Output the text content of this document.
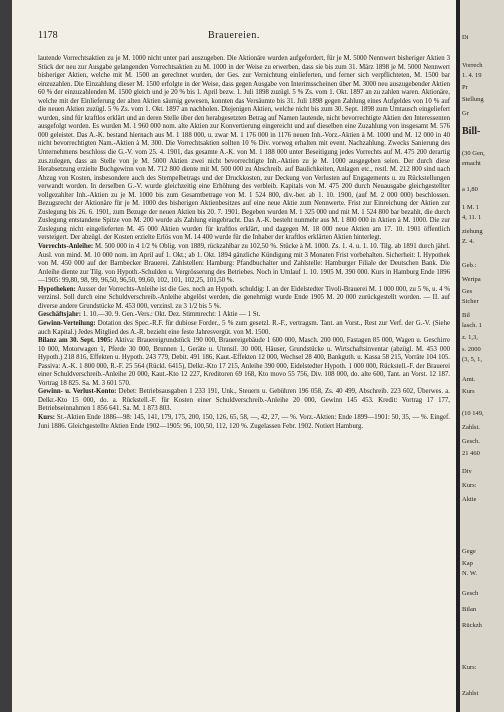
1178	Brauereien.

lautende Vorrechtsaktien zu je M. 1000 nicht unter pari auszugeben. Die Aktionäre wurden aufgefordert, für je M. 5000 Nennwert bisheriger Aktien 3 Stück der neu zur Ausgabe gelangenden Vorrechtsaktien zu M. 1000 in der Weise zu erwerben, dass sie bis zum 31. März 1898 je M. 5000 Nennwert bisheriger Aktien, welche mit M. 1500 an gerechnet wurden, der Ges. zur Vernichtung einlieferten, und ferner sich verpflichteten, M. 1500 bar einzuzahlen. Die Einzahlung dieser M. 1500 erfolgte in der Weise, dass gegen Ausgabe von Interimsscheinen über M. 3000 neu auszugebender Aktien 60 % der einzuzahlenden M. 1500 gleich und je 20 % bis 1. April bezw. 1. Juli 1898 zuzügl. 5 % Zs. vom 1. Okt. 1897 an zu zahlen waren. Aktionäre, welche mit der Einlieferung der alten Aktien säumig gewesen, konnten das Versäumte bis 31. Juli 1898 gegen Zahlung eines Aufgeldes von 10 % auf die neuen Aktien zuzügl. 5 % Zs. vom 1. Okt. 1897 an nachholen. Diejenigen Aktien, welche nicht bis zum 30. Sept. 1898 zum Umtausch eingeliefert wurden, sind für kraftlos erklärt und an deren Stelle über den herabgesetzten Betrag auf Namen lautende, nicht bevorrechtigte Aktien den Interessenten ausgefolgt worden. Es wurden M. 1 960 000 nom. alte Aktien zur Konvertierung eingereicht und auf dieselben eine Zuzahlung von insgesamt M. 576 000 geleistet. Das A.-K. bestand hiernach aus M. 1 188 000, u. zwar M. 1 176 000 in 1176 neuen Inh.-Vorz.-Aktien à M. 1000 und M. 12 000 in 40 nicht bevorrechtigten Nam.-Aktien à M. 300. Die Vorrechtsaktien sollten 10 % Div. vorweg erhalten mit event. Nachzahlung. Zwecks Sanierung des Unternehmens beschloss die G.-V. vom 25. 4. 1901, das gesamte A.-K. von M. 1 188 000 unter Beseitigung jedes Vorrechts auf M. 475 200 derartig zus.zulegen, dass an Stelle von je M. 5000 Aktien zwei nicht bevorrechtigte Inh.-Aktien zu je M. 1000 ausgegeben seien. Der durch diese Herabsetzung erzielte Buchgewinn von M. 712 800 diente mit M. 500 000 zu Abschreib. auf Baulichkeiten, Anlagen etc., restl. M. 212 800 sind nach Abzug von Kosten, insbesondere auch des Stempelbetrags und der Druckkosten, zur Deckung von Verlusten auf Engagements u. zu Rückstellungen verwandt worden. In derselben G.-V. wurde gleichzeitig eine Erhöhung des verbleib. Kapitals von M. 475 200 durch Neuausgabe gleichgestellter vollgezahlter Inh.-Aktien zu je M. 1000 bis zum Gesamtbetrage von M. 1 524 800, div.-ber. ab 1. 10. 1900, (auf M. 2 000 000) beschlossen. Bezugsrecht der Aktionäre für je M. 1000 des bisherigen Aktienbesitzes auf eine neue Aktie zum Nennwerte. Frist zur Einreichung der Aktien zur Zuslegung bis 26. 6. 1901, zum Bezuge der neuen Aktien bis 20. 7. 1901. Begeben wurden M. 1 325 000 und mit M. 1 524 800 bar bezahlt, die durch Zuslegung entstandene Spitze von M. 200 wurde als Zahlung eingebracht. Das A.-K. besteht nunmehr aus M. 1 800 000 in Aktien à M. 1000. Die zur Zuslegung nicht eingelieferten M. 45 000 Aktien wurden für kraftlos erklärt, und dagegen M. 18 000 neue Aktien am 17. 10. 1901 öffentlich versteigert. Der abzügl. der Kosten erzielte Erlös von M. 14 400 wurde für die Inhaber der kraftlos erklärten Aktien hinterlegt.

Vorrechts-Anleihe: M. 500 000 in 4 1/2 % Oblig. von 1889, rückzahlbar zu 102,50 %. Stücke à M. 1000. Zs. 1. 4. u. 1. 10. Tilg. ab 1891 durch jährl. Ausl. von mind. M. 10 000 nom. im April auf 1. Okt.; ab 1. Okt. 1894 gänzliche Kündigung mit 3 Monaten Frist vorbehalten. Sicherheit: I. Hypothek von M. 450 000 auf der Barnbecker Brauerei. Zahlstellen: Hamburg: Pfandbuchalter und Zahlstelle: Hamburger Filiale der Deutschen Bank. Die Anleihe diente zur Tilg. von Hypoth.-Schulden u. Vergrösserung des Betriebes. Noch in Umlauf 1. 10. 1905 M. 390 000. Kurs in Hamburg Ende 1896—1905: 99,80, 98, 99, 96,50, 96,50, 99,60, 102, 101, 102,25, 101,50 %.

Hypotheken: Ausser der Vorrechts-Anleihe ist die Ges. noch an Hypoth. schuldig: I. an der Eidelstedter Tivoli-Brauerei M. 1 000 000, zu 5 %, u. 4 % verzinsl. Soll durch eine Schuldverschreib.-Anleihe abgelöst werden, die genehmigt wurde Ende 1905 M. 20 000 zurückgestellt worden. — II. auf diverse andere Grundstücke M. 453 000, verzinsl. zu 3 1/2 bis 5 %.

Geschäftsjahr: 1. 10.—30. 9. Gen.-Vers.: Okt. Dez. Stimmrecht: 1 Aktie — 1 St.

Gewinn-Verteilung: Dotation des Spec.-R.F. für dubiose Forder., 5 % zum gesetzl. R.-F., vertragsm. Tant. an Vorst., Rest zur Verf. der G.-V. (Siehe auch Kapital.) Jedes Mitglied des A.-R. bezieht eine feste Jahresvergüt. von M. 1500.

Bilanz am 30. Sept. 1905: Aktiva: Brauereigrundstück 190 000, Brauereigebäude 1 600 000, Masch. 200 000, Fastagen 85 000, Wagen u. Geschirre 10 000, Motorwagen 1, Pferde 30 000, Brunnen 1, Geräte u. Utensil. 30 000, Häuser, Grundstücke u. Wirtschaftsinventar (abzügl. M. 453 000 Hypoth.) 218 816, Effekten u. Hypoth. 243 779, Debit. 491 186, Kaut.-Effekten 12 000, Wechsel 28 400, Bankguth. u. Kassa 58 215, Vorräte 104 105. Passiva: A.-K. 1 800 000, R.-F. 25 564 (Rückl. 6415), Delkr.-Kto 17 215, Anleihe 390 000, Eidelstedter Hypoth. 1 000 000, Rückstell.-F. der Brauerei einer Schuldverschreib.-Anleihe 20 000, Kaut.-Kto 12 227, Kreditoren 69 168, Kto movo 55 756, Div. 108 000, do. alte 600, Tant. an Vorst. 12 187. Vortrag 18 825. Sa. M. 3 601 570.

Gewinn- u. Verlust-Konto: Debet: Betriebsausgaben 1 233 191, Unk., Steuern u. Gebühren 196 058, Zs. 40 499, Abschreib. 223 602, Überwes. a. Delkr.-Kto 15 000, do. a. Rückstell.-F. für Kosten einer Schuldverschreib.-Anleihe 20 000, Gewinn 145 453. Kredit: Vortrag 17 177, Betriebseinnahmen 1 856 641. Sa. M. 1 873 803.

Kurs: St.-Aktien Ende 1886—98: 145, 141, 179, 175, 200, 150, 126, 65, 58, —, 42, 27, — %. Vorz.-Aktien: Ende 1899—1901: 50, 35, — %. Eingef. Juni 1886. Gleichgestellte Aktien Ende 1902—1905: 96, 100,50, 112, 120 %. Zugelassen Febr. 1902. Notiert Hamburg.

Di
Vorrech
1. 4. 19
Pr
Stellung
Gr
Bill-
(30 Gen,
emacht
a 1,80
1 M. 1
4, 11. 1
ziehung
Z. 4.
Geb.:
Wertpa
Ges
Sicher
Bil
lasch. 1
z. 1,3,
s. 2000
(3, 5, 1,
Amt.
Kurs
(10 149,
Zahlst.
Gesch.
21 460
Div
Kurs:
Aktie
Gege
Kap
N. W.
Gesch
Bilan
Rückzh
Kurs:
Zahlst
